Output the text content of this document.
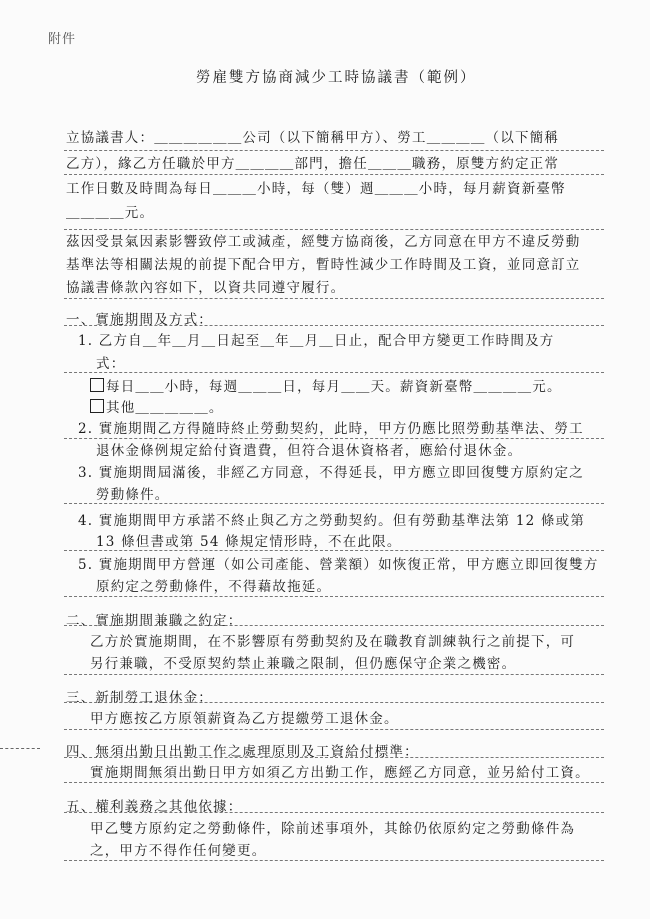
附件
勞雇雙方協商減少工時協議書（範例）
立協議書人：＿＿＿＿＿＿公司（以下簡稱甲方）、勞工＿＿＿＿（以下簡稱
乙方），緣乙方任職於甲方＿＿＿＿部門，擔任＿＿＿職務，原雙方約定正常
工作日數及時間為每日＿＿＿小時，每（雙）週＿＿＿小時，每月薪資新臺幣
＿＿＿＿元。
茲因受景氣因素影響致停工或減產，經雙方協商後，乙方同意在甲方不違反勞動
基準法等相關法規的前提下配合甲方，暫時性減少工作時間及工資，並同意訂立
協議書條款內容如下，以資共同遵守履行。
一、實施期間及方式：
1. 乙方自＿年＿月＿日起至＿年＿月＿日止，配合甲方變更工作時間及方
式：
每日＿＿小時，每週＿＿＿日，每月＿＿天。薪資新臺幣＿＿＿＿元。
其他＿＿＿＿＿。
2. 實施期間乙方得隨時終止勞動契約，此時，甲方仍應比照勞動基準法、勞工
退休金條例規定給付資遣費，但符合退休資格者，應給付退休金。
3. 實施期間屆滿後，非經乙方同意，不得延長，甲方應立即回復雙方原約定之
勞動條件。
4. 實施期間甲方承諾不終止與乙方之勞動契約。但有勞動基準法第 12 條或第
13 條但書或第 54 條規定情形時，不在此限。
5. 實施期間甲方營運（如公司產能、營業額）如恢復正常，甲方應立即回復雙方
原約定之勞動條件，不得藉故拖延。
二、實施期間兼職之約定：
乙方於實施期間，在不影響原有勞動契約及在職教育訓練執行之前提下，可
另行兼職，不受原契約禁止兼職之限制，但仍應保守企業之機密。
三、新制勞工退休金：
甲方應按乙方原領薪資為乙方提繳勞工退休金。
四、無須出勤日出勤工作之處理原則及工資給付標準：
實施期間無須出勤日甲方如須乙方出勤工作，應經乙方同意，並另給付工資。
五、權利義務之其他依據：
甲乙雙方原約定之勞動條件，除前述事項外，其餘仍依原約定之勞動條件為
之，甲方不得作任何變更。
